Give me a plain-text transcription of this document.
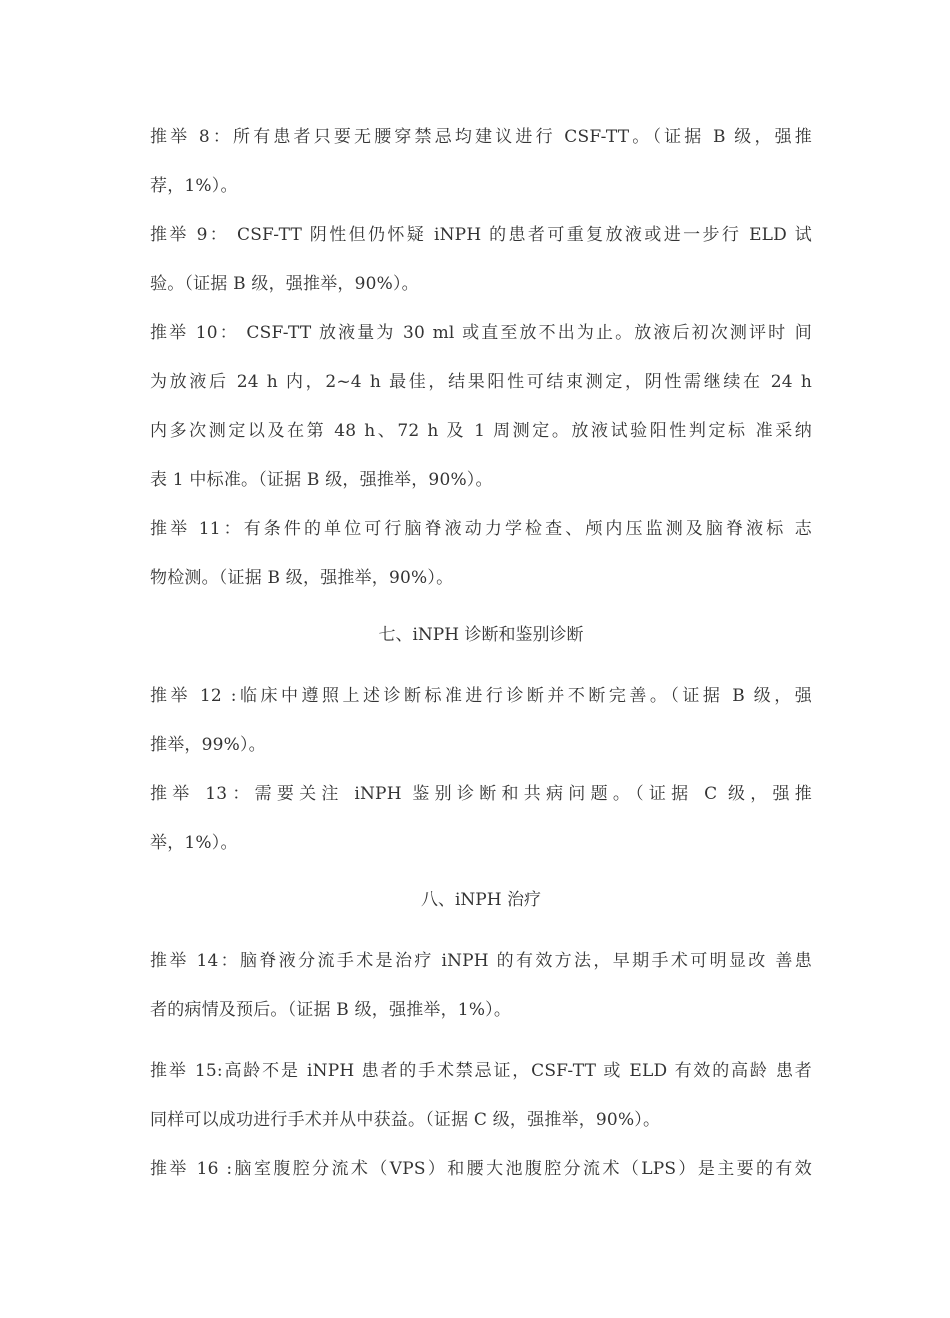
推举 8：所有患者只要无腰穿禁忌均建议进行 CSF-TT。（证据 B 级，强推
荐，1%）。
推举 9： CSF-TT 阴性但仍怀疑 iNPH 的患者可重复放液或进一步行 ELD 试
验。（证据 B 级，强推举，90%）。
推举 10： CSF-TT 放液量为 30 ml 或直至放不出为止。放液后初次测评时 间
为放液后 24 h 内，2~4 h 最佳，结果阳性可结束测定，阴性需继续在 24 h
内多次测定以及在第 48 h、72 h 及 1 周测定。放液试验阳性判定标 准采纳
表 1 中标准。（证据 B 级，强推举，90%）。
推举 11：有条件的单位可行脑脊液动力学检查、颅内压监测及脑脊液标 志
物检测。（证据 B 级，强推举，90%）。
七、iNPH 诊断和鉴别诊断
推举 12 :临床中遵照上述诊断标准进行诊断并不断完善。（证据 B 级，强
推举，99%）。
推举 13：需要关注 iNPH 鉴别诊断和共病问题。（证据 C 级，强推
举，1%）。
八、iNPH 治疗
推举 14：脑脊液分流手术是治疗 iNPH 的有效方法，早期手术可明显改 善患
者的病情及预后。（证据 B 级，强推举，1%）。
推举 15:高龄不是 iNPH 患者的手术禁忌证，CSF-TT 或 ELD 有效的高龄 患者
同样可以成功进行手术并从中获益。（证据 C 级，强推举，90%）。
推举 16 :脑室腹腔分流术（VPS）和腰大池腹腔分流术（LPS）是主要的有效
